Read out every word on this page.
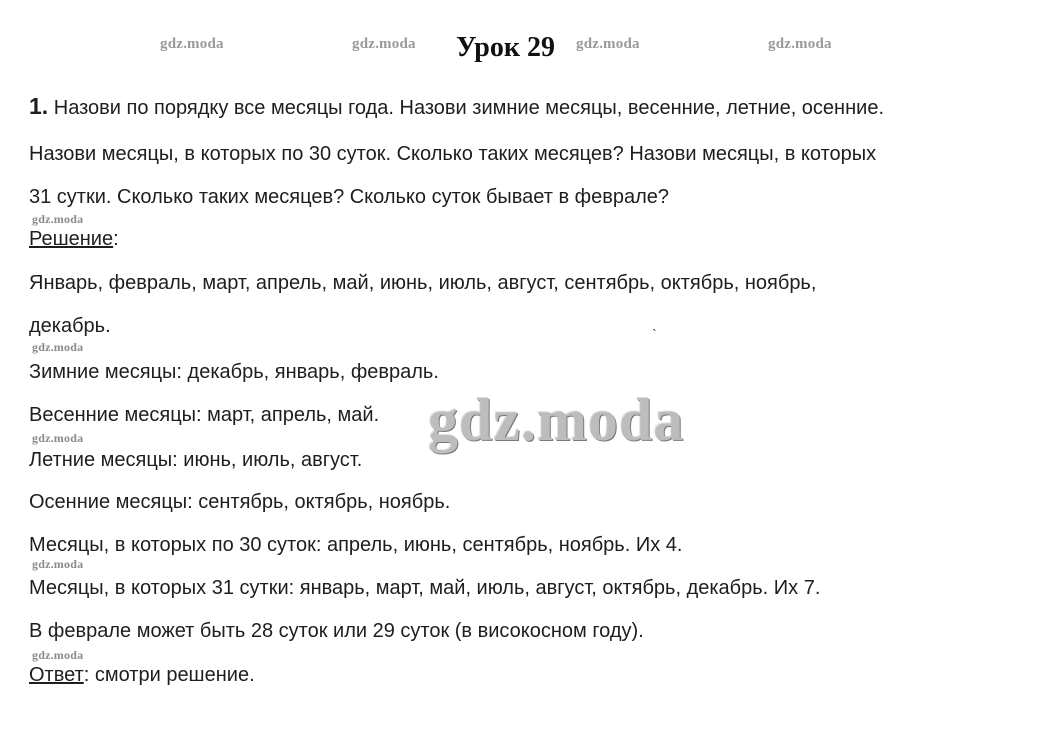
gdz.moda	gdz.moda	gdz.moda	gdz.moda
gdz.moda
gdz.moda
gdz.moda
gdz.moda
gdz.moda
Урок 29
1. Назови по порядку все месяцы года. Назови зимние месяцы, весенние, летние, осенние.
Назови месяцы, в которых по 30 суток. Сколько таких месяцев? Назови месяцы, в которых
31 сутки. Сколько таких месяцев? Сколько суток бывает в феврале?
Решение:
Январь, февраль, март, апрель, май, июнь, июль, август, сентябрь, октябрь, ноябрь,
декабрь.
Зимние месяцы: декабрь, январь, февраль.
Весенние месяцы: март, апрель, май.
Летние месяцы: июнь, июль, август.
Осенние месяцы: сентябрь, октябрь, ноябрь.
Месяцы, в которых по 30 суток: апрель, июнь, сентябрь, ноябрь. Их 4.
Месяцы, в которых 31 сутки: январь, март, май, июль, август, октябрь, декабрь. Их 7.
В феврале может быть 28 суток или 29 суток (в високосном году).
Ответ: смотри решение.
gdz.moda
˴
